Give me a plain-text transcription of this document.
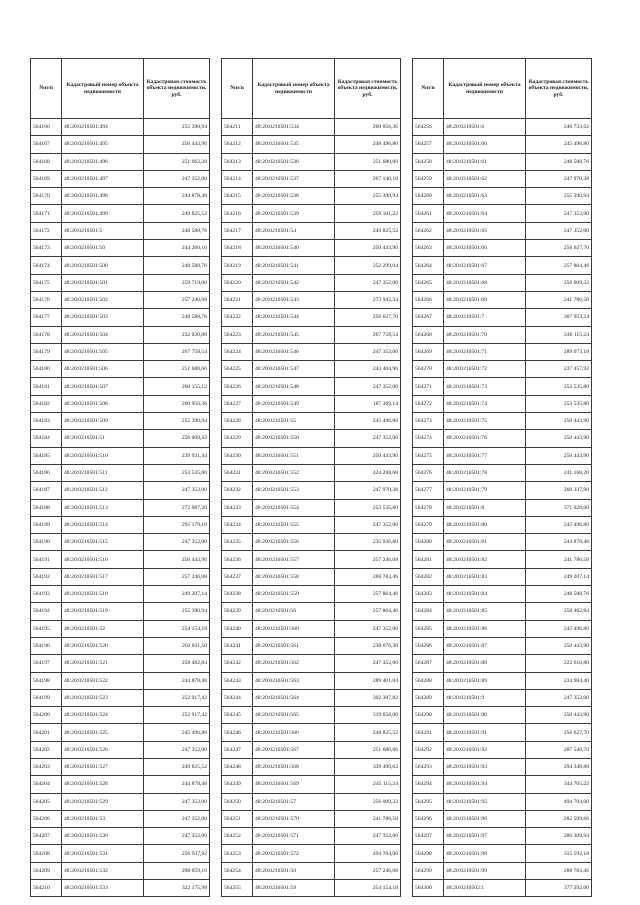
№п/п	Кадастровый номер объекта недвижимости	Кадастровая стоимость объекта недвижимости, руб.
564166	48:20:0210501:494	255 390,94
564167	48:20:0210501:495	250 443,90
564168	48:20:0210501:496	251 062,28
564169	48:20:0210501:497	247 352,00
564170	48:20:0210501:498	244 878,48
564171	48:20:0210501:499	249 825,52
564172	48:20:0210501:5	248 588,76
564173	48:20:0210501:50	244 260,10
564174	48:20:0210501:500	248 588,76
564175	48:20:0210501:501	259 719,60
564176	48:20:0210501:502	257 246,08
564177	48:20:0210501:503	248 588,76
564178	48:20:0210501:504	232 020,88
564179	48:20:0210501:505	267 758,54
564180	48:20:0210501:506	251 680,66
564181	48:20:0210501:507	260 155,12
564182	48:20:0210501:508	260 956,36
564183	48:20:0210501:509	255 390,94
564184	48:20:0210501:51	256 009,32
564185	48:20:0210501:510	239 931,44
564186	48:20:0210501:511	253 535,80
564187	48:20:0210501:512	247 352,00
564188	48:20:0210501:513	272 087,20
564189	48:20:0210501:514	295 179,10
564190	48:20:0210501:515	247 352,00
564191	48:20:0210501:516	250 443,90
564192	48:20:0210501:517	257 246,08
564193	48:20:0210501:518	249 207,14
564194	48:20:0210501:519	255 390,94
564195	48:20:0210501:52	254 154,18
564196	48:20:0210501:520	262 811,50
564197	48:20:0210501:521	258 482,84
564198	48:20:0210501:522	244 878,48
564199	48:20:0210501:523	252 917,42
564200	48:20:0210501:524	252 917,42
564201	48:20:0210501:525	245 496,86
564202	48:20:0210501:526	247 352,00
564203	48:20:0210501:527	249 825,52
564204	48:20:0210501:528	244 878,48
564205	48:20:0210501:529	247 352,00
564206	48:20:0210501:53	247 352,00
564207	48:20:0210501:530	247 352,00
564208	48:20:0210501:531	256 937,92
564209	48:20:0210501:532	298 059,16
564210	48:20:0210501:533	322 175,98
№п/п	Кадастровый номер объекта недвижимости	Кадастровая стоимость объекта недвижимости, руб.
564211	48:20:0210501:534	260 056,36
564212	48:20:0210501:535	248 496,80
564213	48:20:0210501:536	251 680,66
564214	48:20:0210501:537	267 140,16
564215	48:20:0210501:538	255 390,94
564216	48:20:0210501:539	259 101,22
564217	48:20:0210501:54	249 825,52
564218	48:20:0210501:540	250 443,90
564219	48:20:0210501:541	252 299,04
564220	48:20:0210501:542	247 352,00
564221	48:20:0210501:543	273 942,34
564222	48:20:0210501:544	256 627,70
564223	48:20:0210501:545	267 758,54
564224	48:20:0210501:546	247 352,00
564225	48:20:0210501:547	242 404,96
564226	48:20:0210501:548	247 352,00
564227	48:20:0210501:549	187 369,14
564228	48:20:0210501:55	245 496,86
564229	48:20:0210501:550	247 352,00
564230	48:20:0210501:551	250 443,90
564231	48:20:0210501:552	424 208,68
564232	48:20:0210501:553	247 970,38
564233	48:20:0210501:554	253 535,80
564234	48:20:0210501:555	247 352,00
564235	48:20:0210501:556	235 936,80
564236	48:20:0210501:557	257 246,08
564237	48:20:0210501:558	288 783,46
564238	48:20:0210501:559	257 864,46
564239	48:20:0210501:56	257 864,46
564240	48:20:0210501:560	247 352,00
564241	48:20:0210501:561	238 076,30
564242	48:20:0210501:562	247 352,00
564243	48:20:0210501:563	289 401,84
564244	48:20:0210501:564	302 387,82
564245	48:20:0210501:565	319 658,00
564246	48:20:0210501:566	248 825,52
564247	48:20:0210501:567	251 680,66
564248	48:20:0210501:568	339 490,62
564249	48:20:0210501:569	245 115,24
564250	48:20:0210501:57	256 009,32
564251	48:20:0210501:570	241 786,58
564252	48:20:0210501:571	247 352,00
564253	48:20:0210501:572	494 704,00
564254	48:20:0210501:58	257 246,08
564255	48:20:0210501:59	254 154,18
№п/п	Кадастровый номер объекта недвижимости	Кадастровая стоимость объекта недвижимости, руб.
564256	48:20:0210501:6	246 733,62
564257	48:20:0210501:60	245 496,86
564258	48:20:0210501:61	248 588,76
564259	48:20:0210501:62	247 970,38
564260	48:20:0210501:63	255 390,94
564261	48:20:0210501:64	247 352,00
564262	48:20:0210501:65	247 352,00
564263	48:20:0210501:66	256 627,70
564264	48:20:0210501:67	257 864,46
564265	48:20:0210501:68	256 009,32
564266	48:20:0210501:69	241 786,58
564267	48:20:0210501:7	307 953,24
564268	48:20:0210501:70	246 115,24
564269	48:20:0210501:71	289 073,18
564270	48:20:0210501:72	237 457,92
564271	48:20:0210501:73	253 535,80
564272	48:20:0210501:74	253 535,80
564273	48:20:0210501:75	250 443,90
564274	48:20:0210501:76	250 443,90
564275	48:20:0210501:77	250 443,90
564276	48:20:0210501:78	241 168,20
564277	48:20:0210501:79	260 337,98
564278	48:20:0210501:8	371 028,00
564279	48:20:0210501:80	245 496,86
564280	48:20:0210501:81	244 878,48
564281	48:20:0210501:82	241 786,58
564282	48:20:0210501:83	249 207,14
564283	48:20:0210501:84	248 588,76
564284	48:20:0210501:85	258 482,84
564285	48:20:0210501:86	245 496,86
564286	48:20:0210501:87	250 443,90
564287	48:20:0210501:88	222 616,80
564288	48:20:0210501:89	234 984,40
564289	48:20:0210501:9	247 352,00
564290	48:20:0210501:90	250 443,90
564291	48:20:0210501:91	256 627,70
564292	48:20:0210501:92	287 546,70
564293	48:20:0210501:93	294 348,88
564294	48:20:0210501:94	344 705,22
564295	48:20:0210501:95	494 704,00
564296	48:20:0210501:96	282 599,66
564297	48:20:0210501:97	286 309,94
564298	48:20:0210501:98	315 592,18
564299	48:20:0210501:99	288 783,46
564300	48:20:0210502:1	377 292,00
